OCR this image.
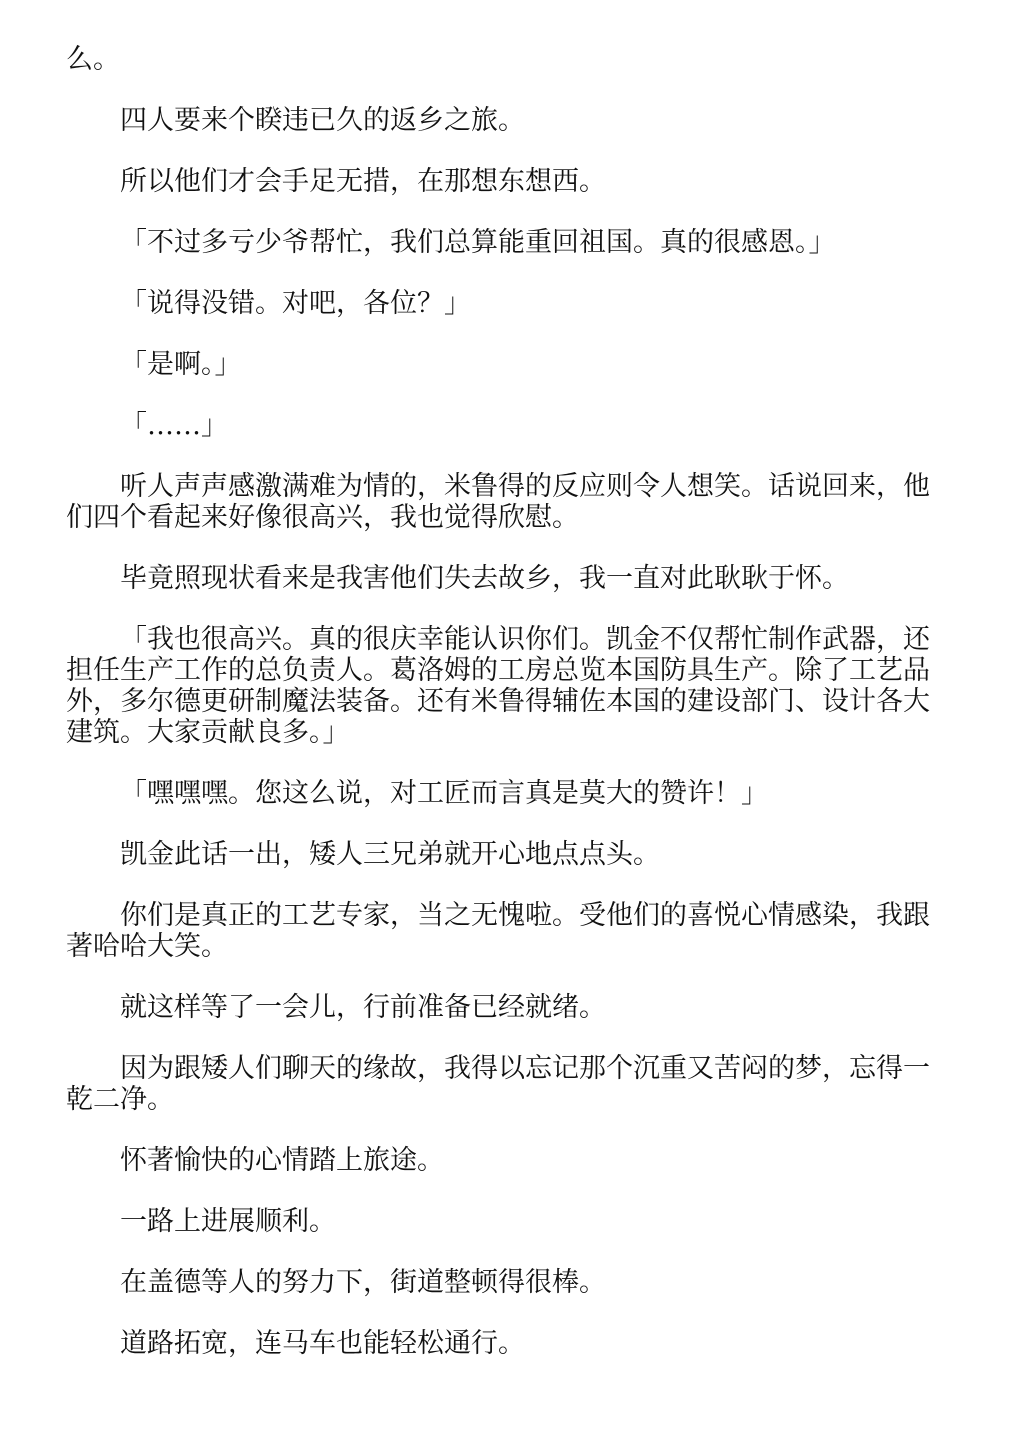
么。

四人要来个睽违已久的返乡之旅。

所以他们才会手足无措，在那想东想西。

「不过多亏少爷帮忙，我们总算能重回祖国。真的很感恩。」

「说得没错。对吧，各位？」

「是啊。」

「……」

听人声声感激满难为情的，米鲁得的反应则令人想笑。话说回来，他们四个看起来好像很高兴，我也觉得欣慰。

毕竟照现状看来是我害他们失去故乡，我一直对此耿耿于怀。

「我也很高兴。真的很庆幸能认识你们。凯金不仅帮忙制作武器，还担任生产工作的总负责人。葛洛姆的工房总览本国防具生产。除了工艺品外，多尔德更研制魔法装备。还有米鲁得辅佐本国的建设部门、设计各大建筑。大家贡献良多。」

「嘿嘿嘿。您这么说，对工匠而言真是莫大的赞许！」

凯金此话一出，矮人三兄弟就开心地点点头。

你们是真正的工艺专家，当之无愧啦。受他们的喜悦心情感染，我跟著哈哈大笑。

就这样等了一会儿，行前准备已经就绪。

因为跟矮人们聊天的缘故，我得以忘记那个沉重又苦闷的梦，忘得一乾二净。

怀著愉快的心情踏上旅途。

一路上进展顺利。

在盖德等人的努力下，街道整顿得很棒。

道路拓宽，连马车也能轻松通行。
